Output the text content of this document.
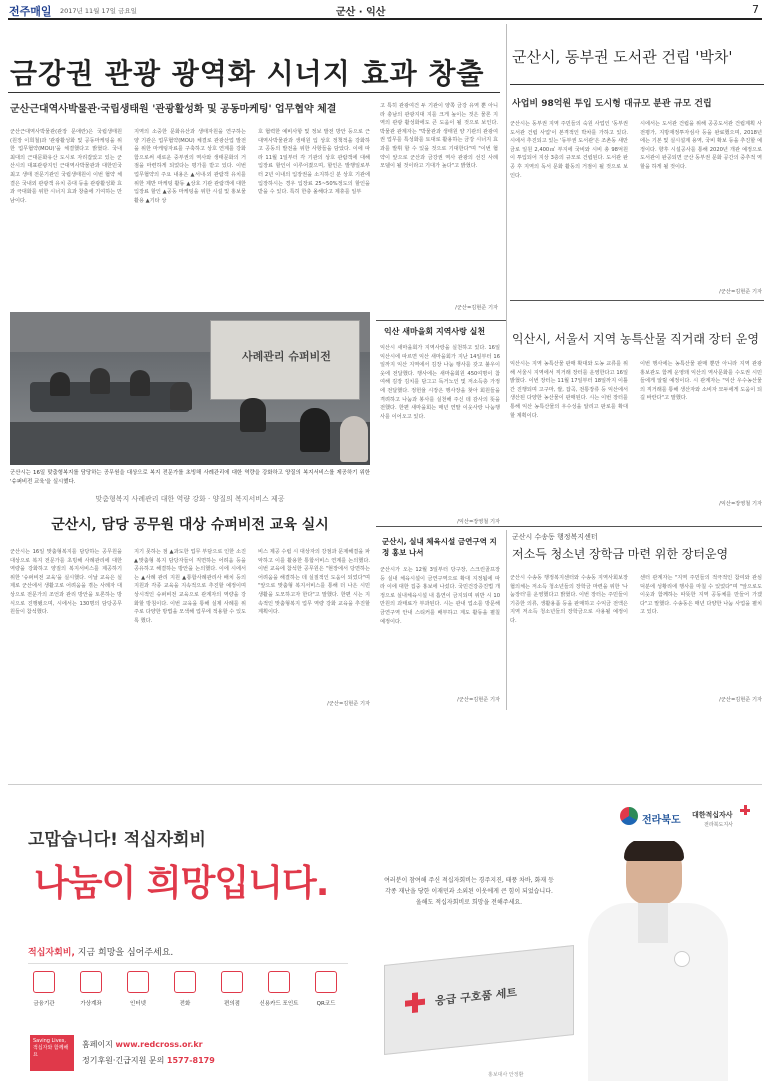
전주매일 2017년 11월 17일 금요일	군산 · 익산	7
금강권 관광 광역화 시너지 효과 창출
군산근대역사박물관·국립생태원 '관광활성화 및 공동마케팅' 업무협약 체결
군산근대역사박물관(관장 문애란)은 국립생태원(원장 이희철)과 '관광활성화 및 공동마케팅을 위한 업무협약(MOU)'을 체결했다고 밝혔다. 국내 최대의 근대문화유산 도시로 자리잡았고 있는 군산시의 대표관광지인 근대역사박물관과 대한민국 최고 생태 전문기관인 국립생태원이 이번 협약 체결은 국내외 관광객 유치 증대 등을 관광활성화 효과 극대화를 위한 시너지 효과 창출에 기여하는 만남이다.
지역의 소중한 문화유산과 생태자원을 연구하는 양 기관은 업무협약(MOU) 체결로 관광산업 발전을 위한 마케팅자료를 구축하고 상호 연계를 강화함으로써 새로운 중부권의 역사와 생태문화의 거점을 마련하게 되었다는 평가를 받고 있다. 이번 업무협약의 주요 내용은 ▲서내·외 관람객 유치를 위한 제반 마케팅 활동 ▲상호 기관 관람객에 대한 입장료 할인 ▲공동 마케팅을 위한 시설 및 홍보물 활용 ▲기타 상
호 협력한 예비사항 및 정보 발전 방안 등으로 근대역사박물관과 생태원 입 상호 정책적을 강화하고 공동의 발전을 위한 사항들을 담았다. 이에 따라 11월 1일부터 각 기관의 상호 관람객에 대해 입장료 할인이 이루어졌으며, 할인은 발행일로부터 2년 이내의 입장권을 소지하신 분 상호 기관에 입장하시는 경우 입장료 25~50%정도의 할인을 받을 수 있다. 특히 한층 올해다고 제휴를 일부
고 특히 관광여건 두 기관이 양쪽 금강 유역 뿐 아니라 충남의 관광지대 지를 크게 높이는 것은 물론 지역의 관광 활성화에도 큰 도움이 될 것으로 보인다. 박물관 관계자는 "박물관과 생태원 양 기관의 관광여권 업무를 특성화를 토대로 활용하는 금강 시너지 효과를 발휘 할 수 있을 것으로 기대한다"며 "이번 협약이 앞으로 군산과 금강권 역사 관광의 선진 사례 모델이 될 것이라고 기대가 높다"고 밝혔다.
/군산=김현준 기자
사례관리 슈퍼비전
군산시는 16일 맞춤형복지를 담당하는 공무원을 대상으로 복지 전문가를 초빙해 사례관리에 대한 역량을 강화하고 양질의 복지서비스를 제공하기 위한 '슈퍼비전 교육'을 실시했다.
맞춤형복지 사례관리 대한 역량 강화 · 양질의 복지서비스 제공
군산시, 담당 공무원 대상 슈퍼비전 교육 실시
군산시는 16일 맞춤형복지를 담당하는 공무원을 대상으로 복지 전문가를 초빙해 사례관리에 대한 역량을 강화하고 양질의 복지서비스를 제공하기 위한 '슈퍼비전 교육'을 실시했다. 이날 교육은 실제로 군산에서 생활고로 어려움을 겪는 사례자 대상으로 전문가의 조언과 관리 방안을 토론하는 방식으로 진행됐으며, 시에서는 130명의 담당공무원들이 참석했다.
지기 못하는 점 ▲과도한 업무 부담으로 인한 소진 ▲맞춤형 복지 담당자들이 직면하는 어려움 등을 공유하고 해결하는 방안을 논의했다. 이에 시에서는 ▲사례 관리 지원 ▲통합사례관리사 배치 등의 지원과 각종 교육을 지속적으로 추진할 예정이며 상시적인 슈퍼비전 교육으로 관계자의 역량을 강화할 방침이다. 이번 교육을 통해 실제 사례를 위주로 다양한 방법을 모색해 업무에 적용할 수 있도록 했다.
비스 제공 수립 시 대상자의 강점과 문제해결을 파악하고 이를 활용한 통합서비스 연계를 논의했다. 이번 교육에 참석한 공무원은 "현장에서 당면하는 어려움을 해결하는 데 실질적인 도움이 되었다"며 "앞으로 맞춤형 복지서비스를 통해 더 나은 시민생활을 도모하고자 한다"고 말했다. 한편 시는 지속적인 맞춤형복지 업무 역량 강화 교육을 추진할 계획이다.
/군산=김현준 기자
군산시, 동부권 도서관 건립 '박차'
사업비 98억원 투입 도시형 대규모 분관 규모 건립
군산시는 동부권 지역 주민들의 숙원 사업인 '동부권 도서관 건립 사업'이 본격적인 박차를 가하고 있다. 시에서 추진되고 있는 '동부권 도서관'은 조촌동 새만금로 일원 2,400㎡ 부지에 국비와 시비 총 98억원이 투입되어 지상 3층의 규모로 건립된다. 도서관 완공 후 지역의 독서 문화 활동의 거점이 될 것으로 보인다.
시에서는 도서관 건립을 위해 공공도서관 건립계획 사전평가, 지방재정투자심사 등을 완료했으며, 2018년에는 기본 및 실시설계 용역, 국비 확보 등을 추진할 예정이다. 향후 시설공사를 통해 2020년 개관 예정으로 도서관이 완공되면 군산 동부권 문화 공간의 중추적 역할을 하게 될 것이다.
/군산=김현준 기자
익산 새마을회 지역사랑 실천
익산시 새마을회가 지역사랑을 실천하고 있다. 16일 익산시에 따르면 익산 새마을회가 지난 14일부터 16일까지 익산 지역에서 김장 나눔 행사를 갖고 불우이웃에 전달했다. 행사에는 새마을회원 450여명이 참여해 김장 김치를 담그고 독거노인 및 저소득층 가정에 전달했다. 정헌율 시장은 행사장을 찾아 회원들을 격려하고 나눔과 봉사를 실천해 주신 데 감사의 뜻을 전했다. 한편 새마을회는 매년 연말 이웃사랑 나눔행사를 이어오고 있다.
/익산=장영철 기자
익산시, 서울서 지역 농특산물 직거래 장터 운영
익산시는 지역 농특산물 판매 확대와 도농 교류를 위해 서울시 지역에서 직거래 장터를 운영한다고 16일 밝혔다. 이번 장터는 11월 17일부터 18일까지 이틀간 진행되며 고구마, 쌀, 잡곡, 전통장류 등 익산에서 생산된 다양한 농산물이 판매된다. 시는 이번 장터를 통해 익산 농특산물의 우수성을 알리고 판로를 확대할 계획이다.
이번 행사에는 농특산물 판매 뿐만 아니라 지역 관광 홍보관도 함께 운영돼 익산의 역사문화를 수도권 시민들에게 알릴 예정이다. 시 관계자는 "익산 우수농산물의 직거래를 통해 생산자와 소비자 모두에게 도움이 되길 바란다"고 말했다.
/익산=장영철 기자
군산시, 실내 체육시설 금연구역 지정 홍보 나서
군산시가 오는 12월 3일부터 당구장, 스크린골프장 등 실내 체육시설이 금연구역으로 확대 지정됨에 따라 이에 대한 집중 홍보에 나섰다. 국민건강증진법 개정으로 실내체육시설 내 흡연이 금지되며 위반 시 10만원의 과태료가 부과된다. 시는 관내 업소를 방문해 금연구역 안내 스티커를 배부하고 계도 활동을 펼칠 예정이다.
/군산=김현준 기자
군산시 수송동 행정복지센터
저소득 청소년 장학금 마련 위한 장터운영
군산시 수송동 행정복지센터와 수송동 지역사회보장협의체는 저소득 청소년들의 장학금 마련을 위한 '나눔장터'를 운영했다고 밝혔다. 이번 장터는 주민들이 기증한 의류, 생활용품 등을 판매하고 수익금 전액은 지역 저소득 청소년들의 장학금으로 사용될 예정이다.
센터 관계자는 "지역 주민들의 적극적인 참여와 관심 덕분에 성황리에 행사를 마칠 수 있었다"며 "앞으로도 이웃과 함께하는 따뜻한 지역 공동체를 만들어 가겠다"고 말했다. 수송동은 매년 다양한 나눔 사업을 펼치고 있다.
/군산=김현준 기자
전라북도 대한적십자사
전라북도지사
고맙습니다! 적십자회비
나눔이 희망입니다.	여러분이 참여해 주신 적십자회비는 경주지진, 태풍 차바, 화재 등 각종 재난을 당한 이재민과 소외된 이웃에게 큰 힘이 되었습니다. 올해도 적십자회비로 희망을 전해주세요.
적십자회비, 지금 희망을 심어주세요.
금융기관	가상계좌	인터넷	전화	편의점	신용카드 포인트	QR코드
Saving Lives, 적십자와 함께해요
홈페이지 www.redcross.or.kr
정기후원·긴급지원 문의 1577-8179
응급 구호품 세트
홍보대사 안정환
